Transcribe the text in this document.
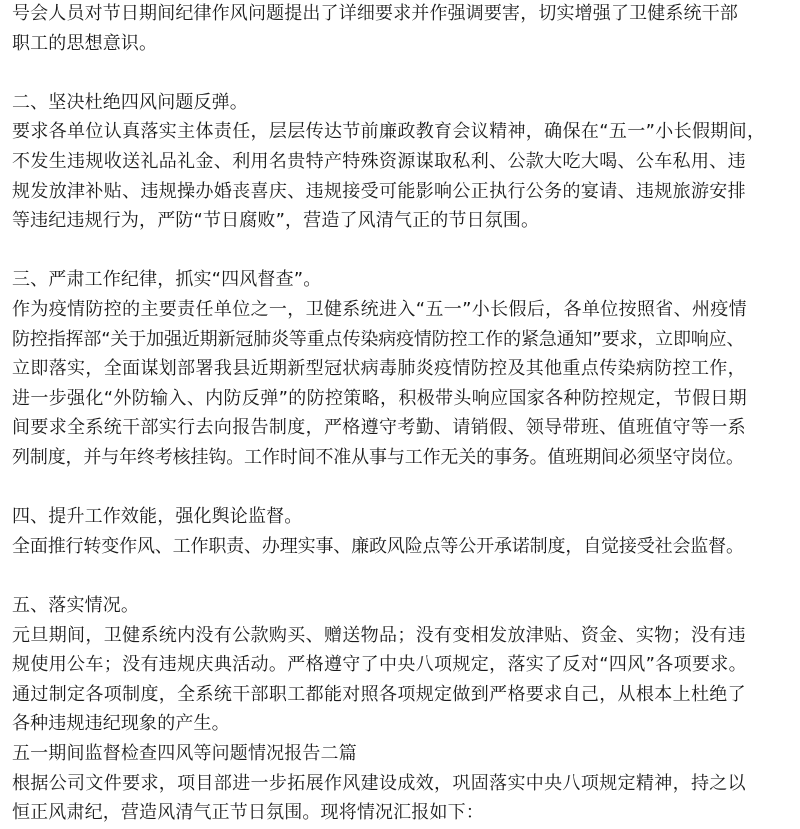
号会人员对节日期间纪律作风问题提出了详细要求并作强调要害，切实增强了卫健系统干部
职工的思想意识。
二、坚决杜绝四风问题反弹。
要求各单位认真落实主体责任，层层传达节前廉政教育会议精神，确保在“五一”小长假期间，
不发生违规收送礼品礼金、利用名贵特产特殊资源谋取私利、公款大吃大喝、公车私用、违
规发放津补贴、违规操办婚丧喜庆、违规接受可能影响公正执行公务的宴请、违规旅游安排
等违纪违规行为，严防“节日腐败”，营造了风清气正的节日氛围。
三、严肃工作纪律，抓实“四风督查”。
作为疫情防控的主要责任单位之一，卫健系统进入“五一”小长假后，各单位按照省、州疫情
防控指挥部“关于加强近期新冠肺炎等重点传染病疫情防控工作的紧急通知”要求，立即响应、
立即落实，全面谋划部署我县近期新型冠状病毒肺炎疫情防控及其他重点传染病防控工作，
进一步强化“外防输入、内防反弹”的防控策略，积极带头响应国家各种防控规定，节假日期
间要求全系统干部实行去向报告制度，严格遵守考勤、请销假、领导带班、值班值守等一系
列制度，并与年终考核挂钩。工作时间不准从事与工作无关的事务。值班期间必须坚守岗位。
四、提升工作效能，强化舆论监督。
全面推行转变作风、工作职责、办理实事、廉政风险点等公开承诺制度，自觉接受社会监督。
五、落实情况。
元旦期间，卫健系统内没有公款购买、赠送物品；没有变相发放津贴、资金、实物；没有违
规使用公车；没有违规庆典活动。严格遵守了中央八项规定，落实了反对“四风”各项要求。
通过制定各项制度，全系统干部职工都能对照各项规定做到严格要求自己，从根本上杜绝了
各种违规违纪现象的产生。
五一期间监督检查四风等问题情况报告二篇
根据公司文件要求，项目部进一步拓展作风建设成效，巩固落实中央八项规定精神，持之以
恒正风肃纪，营造风清气正节日氛围。现将情况汇报如下：
